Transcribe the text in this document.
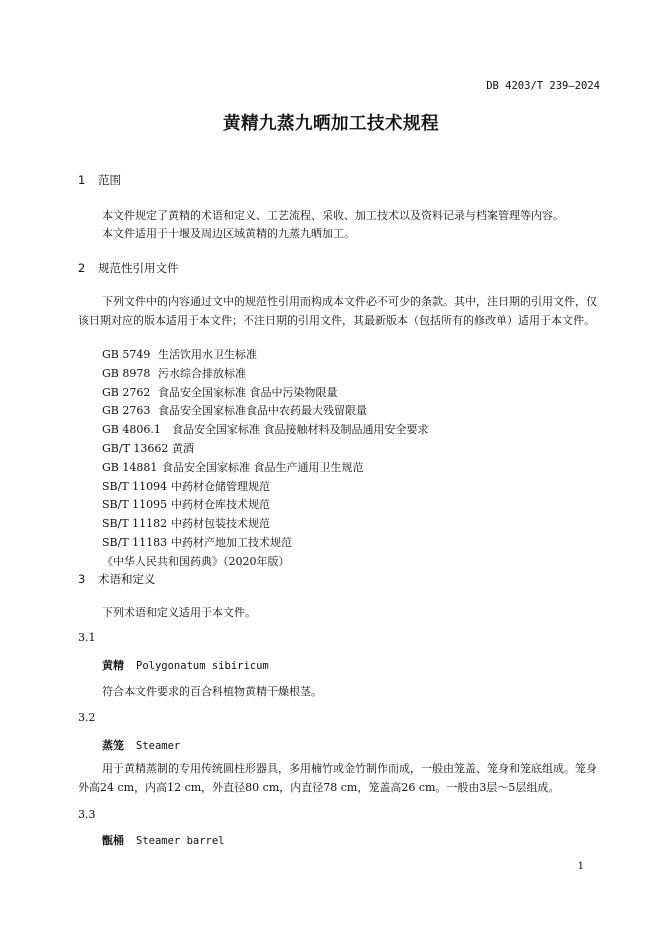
DB 4203/T 239—2024
黄精九蒸九晒加工技术规程
1 范围
本文件规定了黄精的术语和定义、工艺流程、采收、加工技术以及资料记录与档案管理等内容。
本文件适用于十堰及周边区域黄精的九蒸九晒加工。
2 规范性引用文件
下列文件中的内容通过文中的规范性引用而构成本文件必不可少的条款。其中，注日期的引用文件，仅该日期对应的版本适用于本文件；不注日期的引用文件，其最新版本（包括所有的修改单）适用于本文件。
GB 5749 生活饮用水卫生标准
GB 8978 污水综合排放标准
GB 2762 食品安全国家标准 食品中污染物限量
GB 2763 食品安全国家标准食品中农药最大残留限量
GB 4806.1 食品安全国家标准 食品接触材料及制品通用安全要求
GB/T 13662 黄酒
GB 14881 食品安全国家标准 食品生产通用卫生规范
SB/T 11094 中药材仓储管理规范
SB/T 11095 中药材仓库技术规范
SB/T 11182 中药材包装技术规范
SB/T 11183 中药材产地加工技术规范
《中华人民共和国药典》（2020年版）
3 术语和定义
下列术语和定义适用于本文件。
3.1
黄精 Polygonatum sibiricum
符合本文件要求的百合科植物黄精干燥根茎。
3.2
蒸笼 Steamer
用于黄精蒸制的专用传统圆柱形器具，多用楠竹或金竹制作而成，一般由笼盖、笼身和笼底组成。笼身外高24 cm，内高12 cm，外直径80 cm，内直径78 cm，笼盖高26 cm。一般由3层～5层组成。
3.3
甑桶 Steamer barrel
1
